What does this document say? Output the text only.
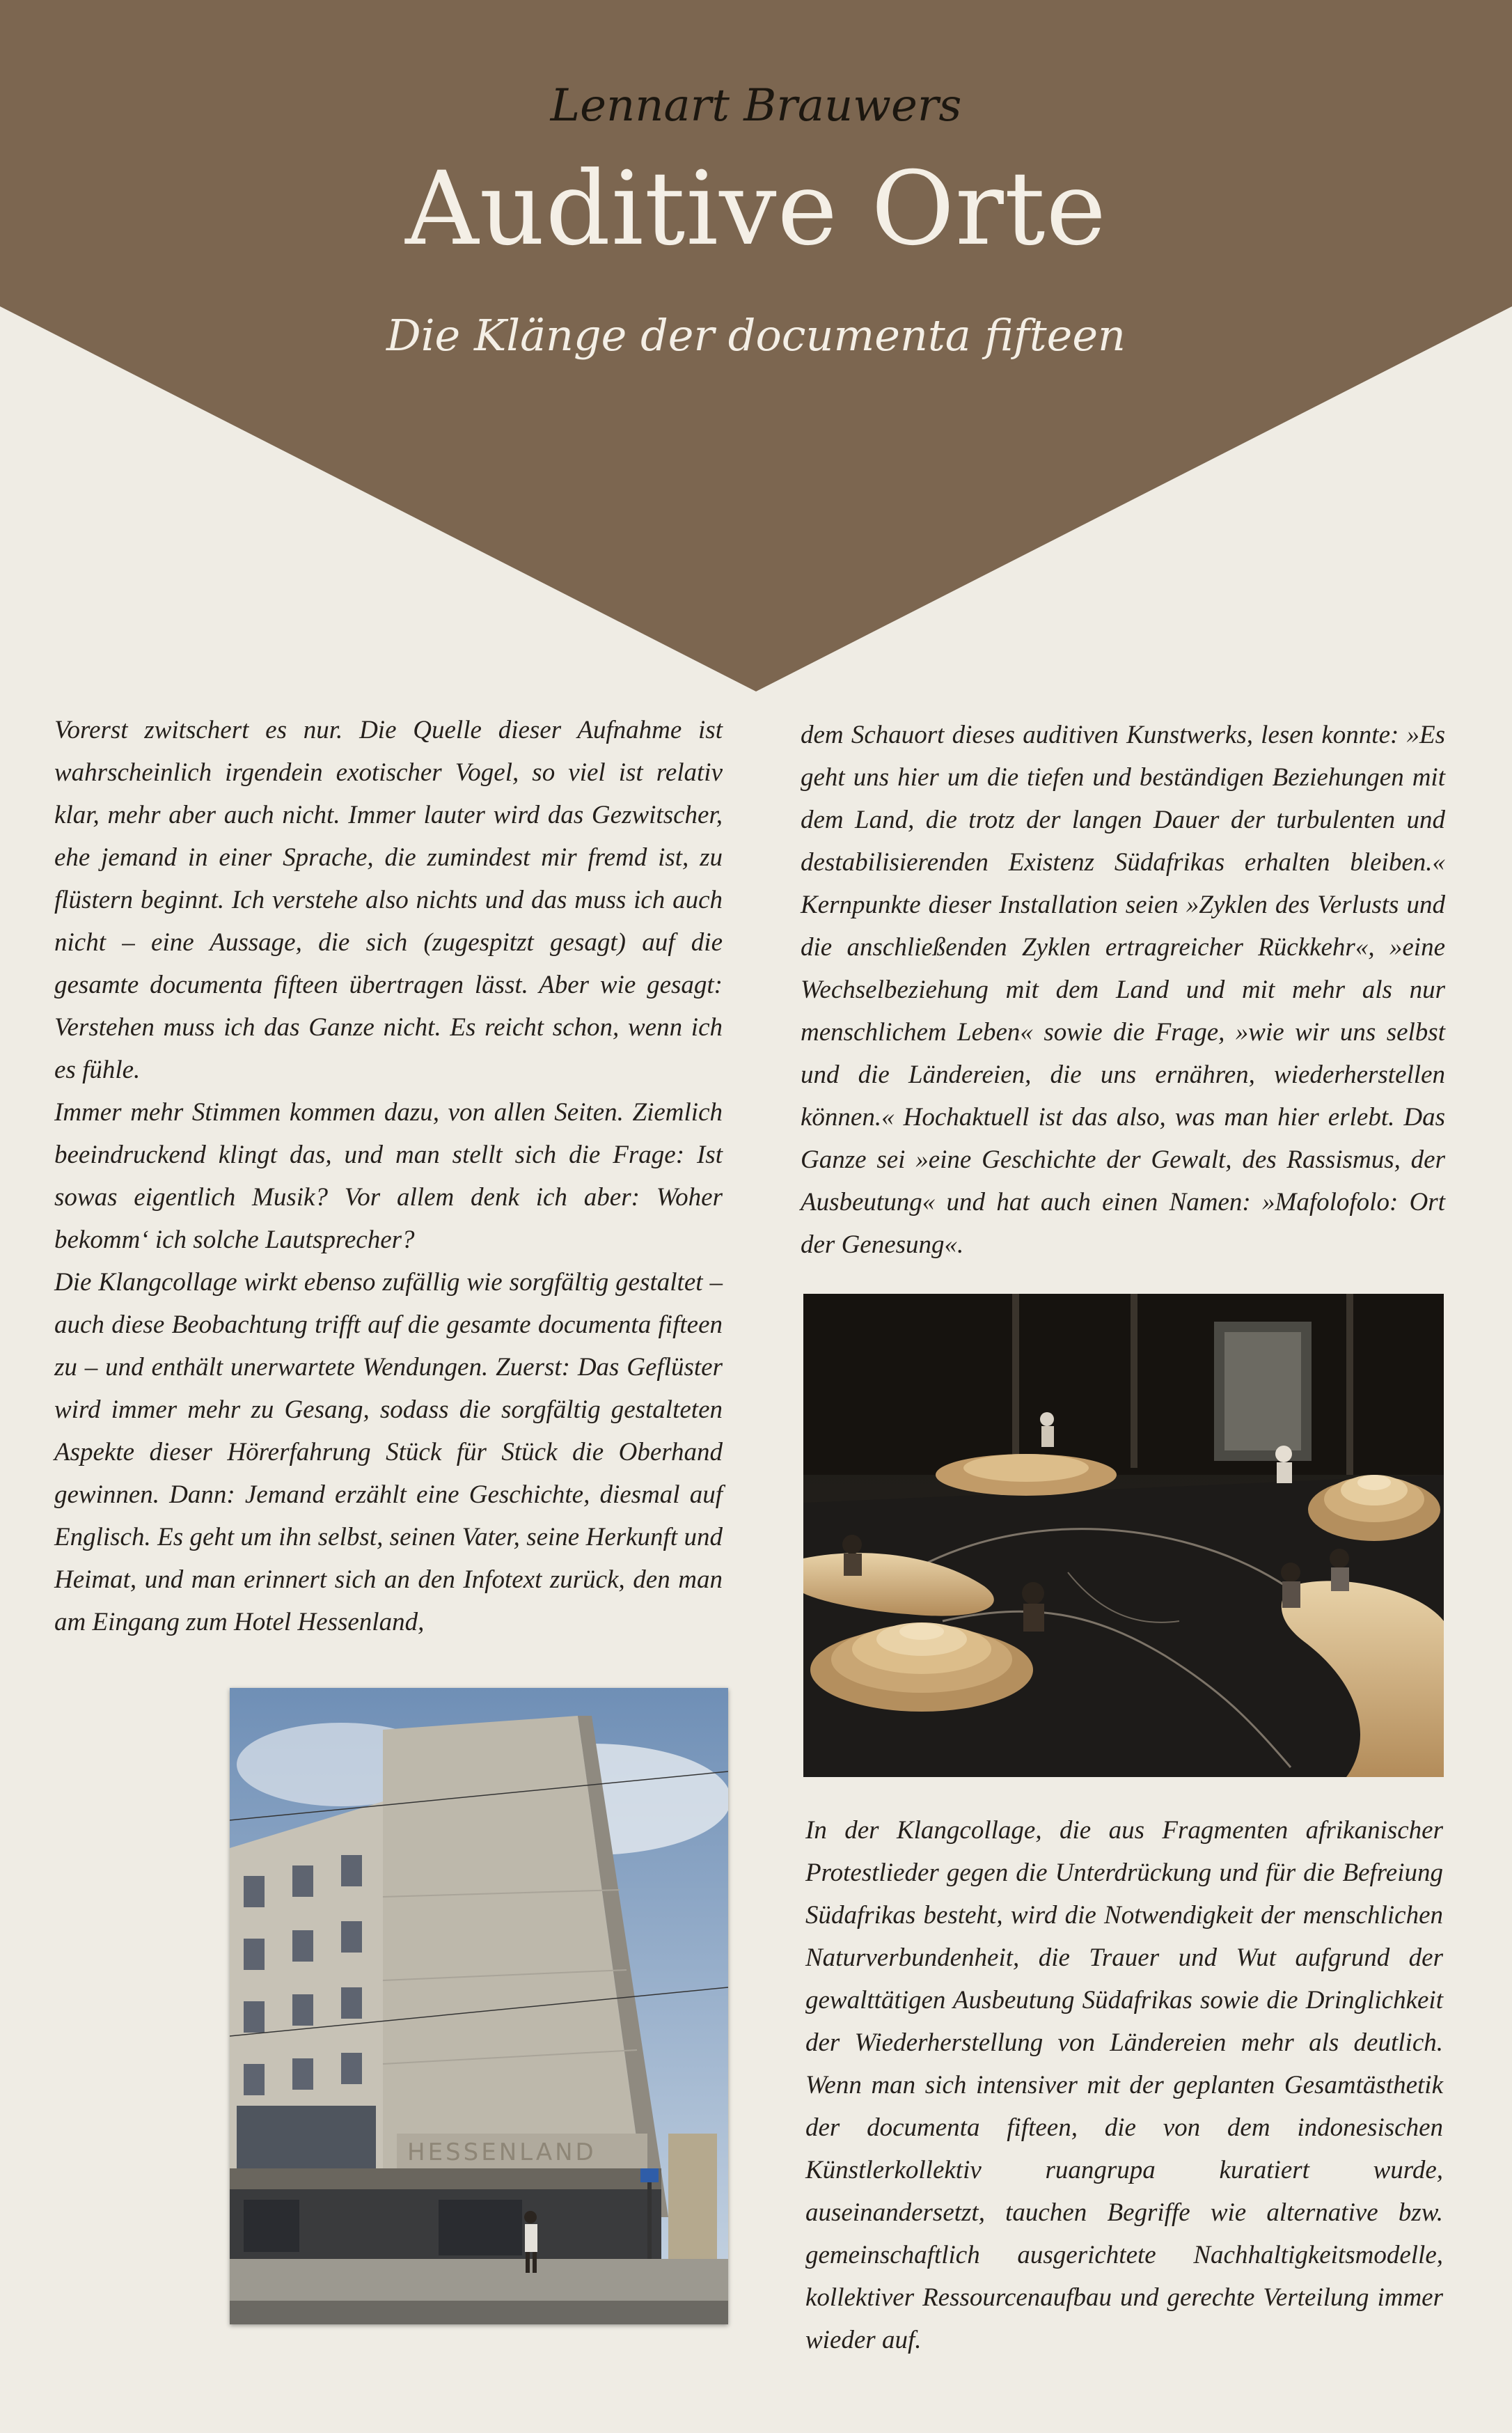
Lennart Brauwers
Auditive Orte
Die Klänge der documenta fifteen

Vorerst zwitschert es nur. Die Quelle dieser Aufnahme ist wahrscheinlich irgendein exotischer Vogel, so viel ist relativ klar, mehr aber auch nicht. Immer lauter wird das Gezwitscher, ehe jemand in einer Sprache, die zumindest mir fremd ist, zu flüstern beginnt. Ich verstehe also nichts und das muss ich auch nicht – eine Aussage, die sich (zugespitzt gesagt) auf die gesamte documenta fifteen übertragen lässt. Aber wie gesagt: Verstehen muss ich das Ganze nicht. Es reicht schon, wenn ich es fühle.

Immer mehr Stimmen kommen dazu, von allen Seiten. Ziemlich beeindruckend klingt das, und man stellt sich die Frage: Ist sowas eigentlich Musik? Vor allem denk ich aber: Woher bekomm‘ ich solche Lautsprecher?

Die Klangcollage wirkt ebenso zufällig wie sorgfältig gestaltet – auch diese Beobachtung trifft auf die gesamte documenta fifteen zu – und enthält unerwartete Wendungen. Zuerst: Das Geflüster wird immer mehr zu Gesang, sodass die sorgfältig gestalteten Aspekte dieser Hörerfahrung Stück für Stück die Oberhand gewinnen. Dann: Jemand erzählt eine Geschichte, diesmal auf Englisch. Es geht um ihn selbst, seinen Vater, seine Herkunft und Heimat, und man erinnert sich an den Infotext zurück, den man am Eingang zum Hotel Hessenland,

dem Schauort dieses auditiven Kunstwerks, lesen konnte: »Es geht uns hier um die tiefen und beständigen Beziehungen mit dem Land, die trotz der langen Dauer der turbulenten und destabilisierenden Existenz Südafrikas erhalten bleiben.« Kernpunkte dieser Installation seien »Zyklen des Verlusts und die anschließenden Zyklen ertragreicher Rückkehr«, »eine Wechselbeziehung mit dem Land und mit mehr als nur menschlichem Leben« sowie die Frage, »wie wir uns selbst und die Ländereien, die uns ernähren, wiederherstellen können.« Hochaktuell ist das also, was man hier erlebt. Das Ganze sei »eine Geschichte der Gewalt, des Rassismus, der Ausbeutung« und hat auch einen Namen: »Mafolofolo: Ort der Genesung«.

In der Klangcollage, die aus Fragmenten afrikanischer Protestlieder gegen die Unterdrückung und für die Befreiung Südafrikas besteht, wird die Notwendigkeit der menschlichen Naturverbundenheit, die Trauer und Wut aufgrund der gewalttätigen Ausbeutung Südafrikas sowie die Dringlichkeit der Wiederherstellung von Ländereien mehr als deutlich. Wenn man sich intensiver mit der geplanten Gesamtästhetik der documenta fifteen, die von dem indonesischen Künstlerkollektiv ruangrupa kuratiert wurde, auseinandersetzt, tauchen Begriffe wie alternative bzw. gemeinschaftlich ausgerichtete Nachhaltigkeitsmodelle, kollektiver Ressourcenaufbau und gerechte Verteilung immer wieder auf.

HESSENLAND
